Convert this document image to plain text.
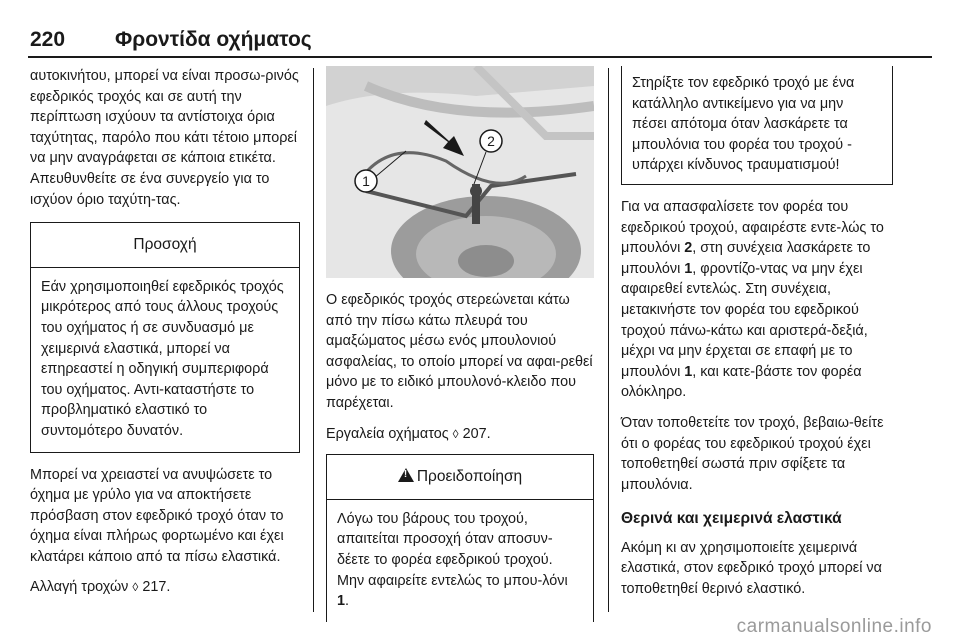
220 Φροντίδα οχήματος

αυτοκινήτου, μπορεί να είναι προσω-ρινός εφεδρικός τροχός και σε αυτή την περίπτωση ισχύουν τα αντίστοιχα όρια ταχύτητας, παρόλο που κάτι τέτοιο μπορεί να μην αναγράφεται σε κάποια ετικέτα. Απευθυνθείτε σε ένα συνεργείο για το ισχύον όριο ταχύτη-τας.

Προσοχή
Εάν χρησιμοποιηθεί εφεδρικός τροχός μικρότερος από τους άλλους τροχούς του οχήματος ή σε συνδυασμό με χειμερινά ελαστικά, μπορεί να επηρεαστεί η οδηγική συμπεριφορά του οχήματος. Αντι-καταστήστε το προβληματικό ελαστικό το συντομότερο δυνατόν.

Μπορεί να χρειαστεί να ανυψώσετε το όχημα με γρύλο για να αποκτήσετε πρόσβαση στον εφεδρικό τροχό όταν το όχημα είναι πλήρως φορτωμένο και έχει κλατάρει κάποιο από τα πίσω ελαστικά.

Αλλαγή τροχών ◊ 217.

1
2

Ο εφεδρικός τροχός στερεώνεται κάτω από την πίσω κάτω πλευρά του αμαξώματος μέσω ενός μπουλονιού ασφαλείας, το οποίο μπορεί να αφαι-ρεθεί μόνο με το ειδικό μπουλονό-κλειδο που παρέχεται.

Εργαλεία οχήματος ◊ 207.

!Προειδοποίηση
Λόγω του βάρους του τροχού, απαιτείται προσοχή όταν αποσυν-δέετε το φορέα εφεδρικού τροχού. Μην αφαιρείτε εντελώς το μπου-λόνι 1.
Στηρίξτε τον εφεδρικό τροχό με ένα κατάλληλο αντικείμενο για να μην πέσει απότομα όταν λασκάρετε τα μπουλόνια του φορέα του τροχού - υπάρχει κίνδυνος τραυματισμού!

Για να απασφαλίσετε τον φορέα του εφεδρικού τροχού, αφαιρέστε εντε-λώς το μπουλόνι 2, στη συνέχεια λασκάρετε το μπουλόνι 1, φροντίζο-ντας να μην έχει αφαιρεθεί εντελώς. Στη συνέχεια, μετακινήστε τον φορέα του εφεδρικού τροχού πάνω-κάτω και αριστερά-δεξιά, μέχρι να μην έρχεται σε επαφή με το μπουλόνι 1, και κατε-βάστε τον φορέα ολόκληρο.

Όταν τοποθετείτε τον τροχό, βεβαιω-θείτε ότι ο φορέας του εφεδρικού τροχού έχει τοποθετηθεί σωστά πριν σφίξετε τα μπουλόνια.

Θερινά και χειμερινά ελαστικά

Ακόμη κι αν χρησιμοποιείτε χειμερινά ελαστικά, στον εφεδρικό τροχό μπορεί να τοποθετηθεί θερινό ελαστικό.

carmanualsonline.info
